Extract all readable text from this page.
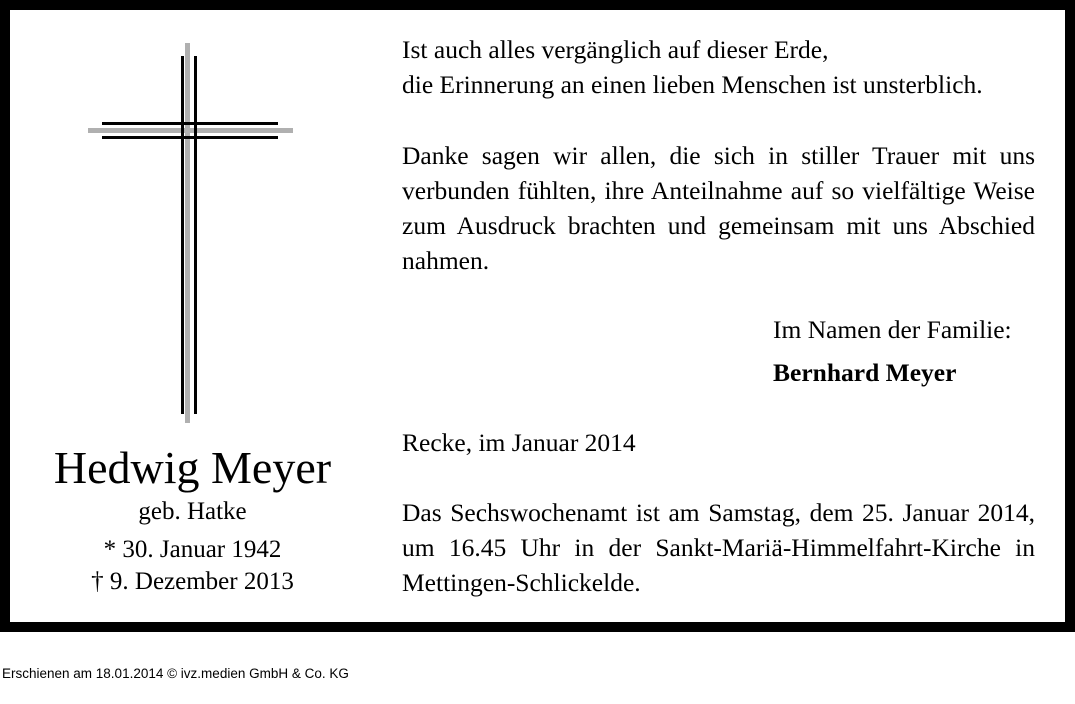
Hedwig Meyer
geb. Hatke
* 30. Januar 1942
† 9. Dezember 2013
Ist auch alles vergänglich auf dieser Erde,
die Erinnerung an einen lieben Menschen ist unsterblich.
Danke sagen wir allen, die sich in stiller Trauer mit uns verbunden fühlten, ihre Anteilnahme auf so vielfältige Weise zum Ausdruck brachten und gemeinsam mit uns Abschied nahmen.
Im Namen der Familie:
Bernhard Meyer
Recke, im Januar 2014
Das Sechswochenamt ist am Samstag, dem 25. Januar 2014, um 16.45 Uhr in der Sankt-Mariä-Himmelfahrt-Kirche in Mettingen-Schlickelde.
Erschienen am 18.01.2014 © ivz.medien GmbH & Co. KG
